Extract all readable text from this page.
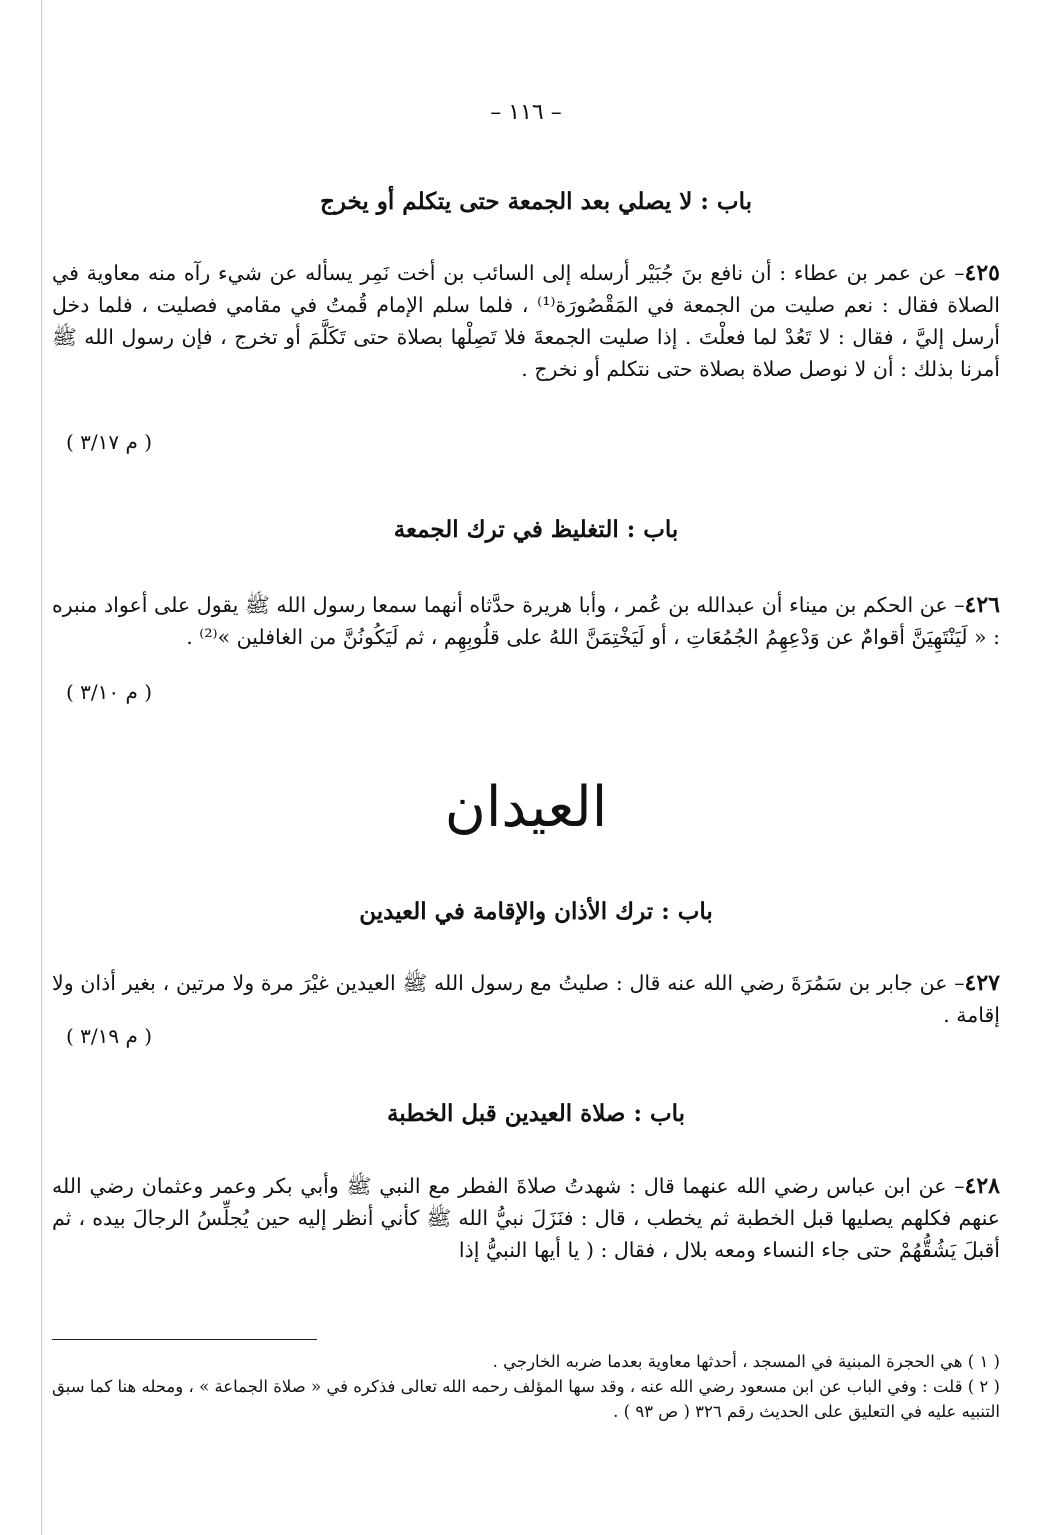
– ١١٦ –
باب : لا يصلي بعد الجمعة حتى يتكلم أو يخرج
٤٢٥– عن عمر بن عطاء : أن نافع بنَ جُبَيْر أرسله إلى السائب بن أخت نَمِر يسأله عن شيء رآه منه معاوية في الصلاة فقال : نعم صليت من الجمعة في المَقْصُورَة⁽¹⁾ ، فلما سلم الإمام قُمتُ في مقامي فصليت ، فلما دخل أرسل إليَّ ، فقال : لا تَعُدْ لما فعلْتَ . إذا صليت الجمعةَ فلا تَصِلْها بصلاة حتى تَكَلَّمَ أو تخرج ، فإن رسول الله ﷺ أمرنا بذلك : أن لا نوصل صلاة بصلاة حتى نتكلم أو نخرج .
( م ٣/١٧ )
باب : التغليظ في ترك الجمعة
٤٢٦– عن الحكم بن ميناء أن عبدالله بن عُمر ، وأبا هريرة حدَّثاه أنهما سمعا رسول الله ﷺ يقول على أعواد منبره : « لَيَنْتَهِيَنَّ أقوامٌ عن وَدْعِهِمُ الجُمُعَاتِ ، أو لَيَخْتِمَنَّ اللهُ على قلُوبِهِم ، ثم لَيَكُونُنَّ من الغافلين »⁽²⁾ .
( م ٣/١٠ )
العيدان
باب : ترك الأذان والإقامة في العيدين
٤٢٧– عن جابر بن سَمُرَةَ رضي الله عنه قال : صليتُ مع رسول الله ﷺ العيدين غيْرَ مرة ولا مرتين ، بغير أذان ولا إقامة .
( م ٣/١٩ )
باب : صلاة العيدين قبل الخطبة
٤٢٨– عن ابن عباس رضي الله عنهما قال : شهدتُ صلاةَ الفطر مع النبي ﷺ وأبي بكر وعمر وعثمان رضي الله عنهم فكلهم يصليها قبل الخطبة ثم يخطب ، قال : فنَزَلَ نبيُّ الله ﷺ كأني أنظر إليه حين يُجلِّسُ الرجالَ بيده ، ثم أقبلَ يَشُقُّهُمْ حتى جاء النساء ومعه بلال ، فقال : ( يا أيها النبيُّ إذا
( ١ ) هي الحجرة المبنية في المسجد ، أحدثها معاوية بعدما ضربه الخارجي .
( ٢ ) قلت : وفي الباب عن ابن مسعود رضي الله عنه ، وقد سها المؤلف رحمه الله تعالى فذكره في « صلاة الجماعة » ، ومحله هنا كما سبق التنبيه عليه في التعليق على الحديث رقم ٣٢٦ ( ص ٩٣ ) .
